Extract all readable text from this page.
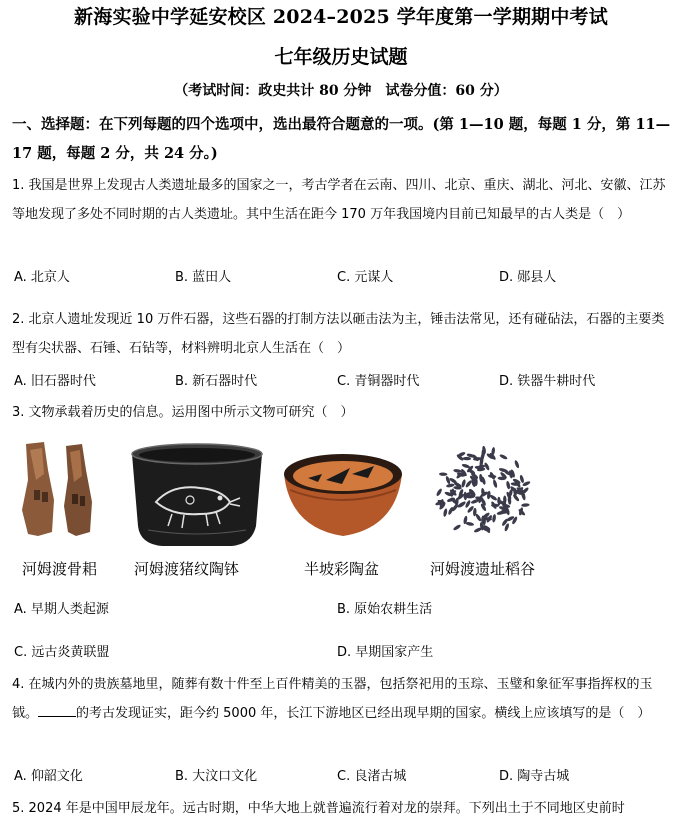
新海实验中学延安校区 2024–2025 学年度第一学期期中考试
七年级历史试题
（考试时间：政史共计 80 分钟　试卷分值：60 分）
一、选择题：在下列每题的四个选项中，选出最符合题意的一项。(第 1—10 题，每题 1 分，第 11—17 题，每题 2 分，共 24 分。)
1. 我国是世界上发现古人类遗址最多的国家之一，考古学者在云南、四川、北京、重庆、湖北、河北、安徽、江苏等地发现了多处不同时期的古人类遗址。其中生活在距今 170 万年我国境内目前已知最早的古人类是（　）
A. 北京人	B. 蓝田人	C. 元谋人	D. 郧县人
2. 北京人遗址发现近 10 万件石器，这些石器的打制方法以砸击法为主，锤击法常见，还有碰砧法，石器的主要类型有尖状器、石锤、石钻等，材料辨明北京人生活在（　）
A. 旧石器时代	B. 新石器时代	C. 青铜器时代	D. 铁器牛耕时代
3. 文物承载着历史的信息。运用图中所示文物可研究（　）
河姆渡骨耜 河姆渡猪纹陶钵	半坡彩陶盆	河姆渡遗址稻谷
A. 早期人类起源	B. 原始农耕生活
C. 远古炎黄联盟	D. 早期国家产生
4. 在城内外的贵族墓地里，随葬有数十件至上百件精美的玉器，包括祭祀用的玉琮、玉璧和象征军事指挥权的玉钺。	的考古发现证实，距今约 5000 年，长江下游地区已经出现早期的国家。横线上应该填写的是（　）
A. 仰韶文化	B. 大汶口文化	C. 良渚古城	D. 陶寺古城
5. 2024 年是中国甲辰龙年。远古时期，中华大地上就普遍流行着对龙的崇拜。下列出土于不同地区史前时
